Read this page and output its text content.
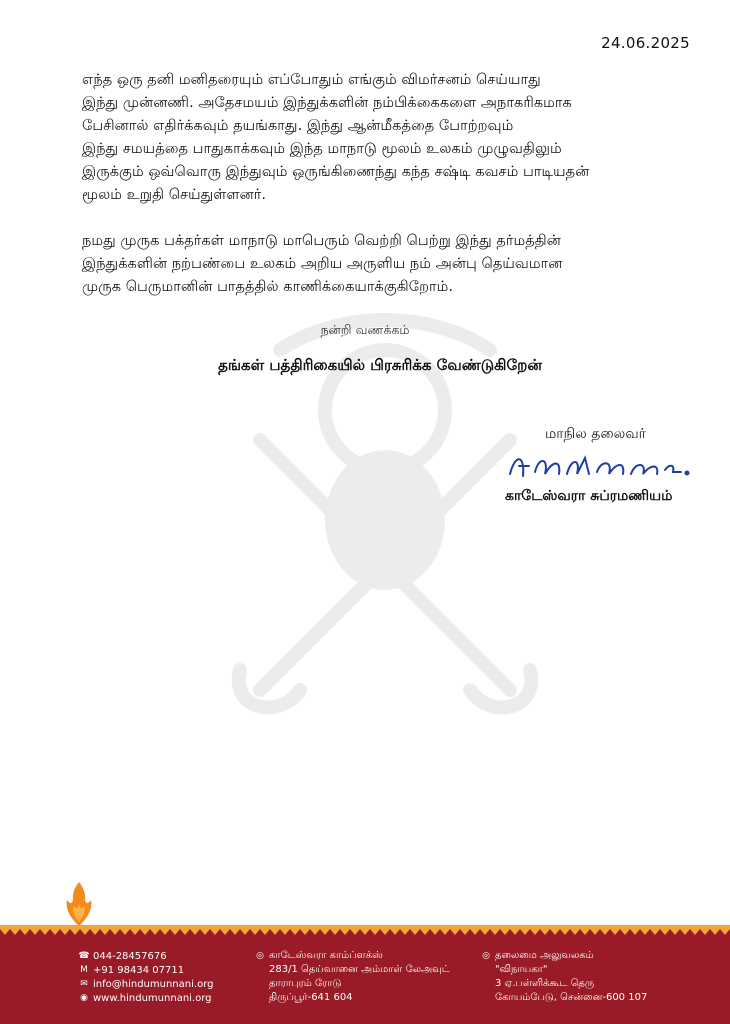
24.06.2025
எந்த ஒரு தனி மனிதரையும் எப்போதும் எங்கும் விமர்சனம் செய்யாது
இந்து முன்னணி. அதேசமயம் இந்துக்களின் நம்பிக்கைகளை அநாகரிகமாக
பேசினால் எதிர்க்கவும் தயங்காது. இந்து ஆன்மீகத்தை போற்றவும்
இந்து சமயத்தை பாதுகாக்கவும் இந்த மாநாடு மூலம் உலகம் முழுவதிலும்
இருக்கும் ஒவ்வொரு இந்துவும் ஒருங்கிணைந்து கந்த சஷ்டி கவசம் பாடியதன்
மூலம் உறுதி செய்துள்ளனர்.
நமது முருக பக்தர்கள் மாநாடு மாபெரும் வெற்றி பெற்று இந்து தர்மத்தின்
இந்துக்களின் நற்பண்பை உலகம் அறிய அருளிய நம் அன்பு தெய்வமான
முருக பெருமானின் பாதத்தில் காணிக்கையாக்குகிறோம்.
நன்றி வணக்கம்
தங்கள் பத்திரிகையில் பிரசுரிக்க வேண்டுகிறேன்
மாநில தலைவர்
காடேஸ்வரா சுப்ரமணியம்
☎ 044-28457676
M +91 98434 07711
✉ info@hindumunnani.org
◉ www.hindumunnani.org
◎ காடேஸ்வரா காம்ப்ளக்ஸ்
283/1 தெய்வானை அம்மாள் லேஅவுட்
தாராபுரம் ரோடு
திருப்பூர்-641 604
◎ தலைமை அலுவலகம்
"விநாயகா"
3 ஏ.பள்ளிக்கூட தெரு
கோயம்பேடு, சென்னை-600 107
